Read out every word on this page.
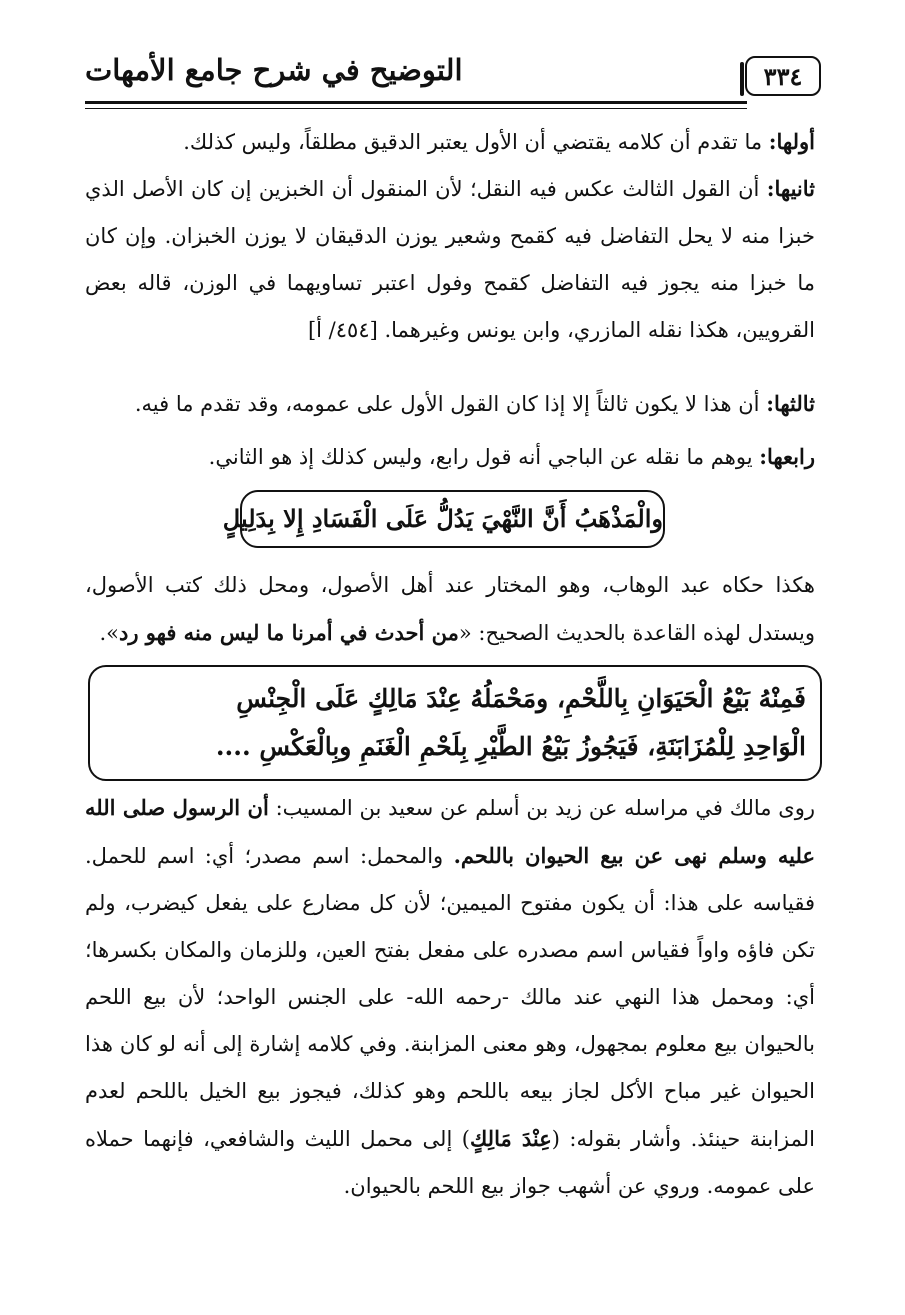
التوضيح في شرح جامع الأمهات	٣٣٤

أولها: ما تقدم أن كلامه يقتضي أن الأول يعتبر الدقيق مطلقاً، وليس كذلك.

ثانيها: أن القول الثالث عكس فيه النقل؛ لأن المنقول أن الخبزين إن كان الأصل الذي خبزا منه لا يحل التفاضل فيه كقمح وشعير يوزن الدقيقان لا يوزن الخبزان. وإن كان ما خبزا منه يجوز فيه التفاضل كقمح وفول اعتبر تساويهما في الوزن، قاله بعض القرويين، هكذا نقله المازري، وابن يونس وغيرهما. [٤٥٤/ أ]

ثالثها: أن هذا لا يكون ثالثاً إلا إذا كان القول الأول على عمومه، وقد تقدم ما فيه.

رابعها: يوهم ما نقله عن الباجي أنه قول رابع، وليس كذلك إذ هو الثاني.

والْمَذْهَبُ أَنَّ النَّهْيَ يَدُلُّ عَلَى الْفَسَادِ إِلا بِدَلِيلٍ

هكذا حكاه عبد الوهاب، وهو المختار عند أهل الأصول، ومحل ذلك كتب الأصول، ويستدل لهذه القاعدة بالحديث الصحيح: «من أحدث في أمرنا ما ليس منه فهو رد».

فَمِنْهُ بَيْعُ الْحَيَوَانِ بِاللَّحْمِ، ومَحْمَلُهُ عِنْدَ مَالِكٍ عَلَى الْجِنْسِ
الْوَاحِدِ لِلْمُزَابَنَةِ، فَيَجُوزُ بَيْعُ الطَّيْرِ بِلَحْمِ الْغَنَمِ وبِالْعَكْسِ ....

روى مالك في مراسله عن زيد بن أسلم عن سعيد بن المسيب: أن الرسول صلى الله عليه وسلم نهى عن بيع الحيوان باللحم. والمحمل: اسم مصدر؛ أي: اسم للحمل. فقياسه على هذا: أن يكون مفتوح الميمين؛ لأن كل مضارع على يفعل كيضرب، ولم تكن فاؤه واواً فقياس اسم مصدره على مفعل بفتح العين، وللزمان والمكان بكسرها؛ أي: ومحمل هذا النهي عند مالك -رحمه الله- على الجنس الواحد؛ لأن بيع اللحم بالحيوان بيع معلوم بمجهول، وهو معنى المزابنة. وفي كلامه إشارة إلى أنه لو كان هذا الحيوان غير مباح الأكل لجاز بيعه باللحم وهو كذلك، فيجوز بيع الخيل باللحم لعدم المزابنة حينئذ. وأشار بقوله: (عِنْدَ مَالِكٍ) إلى محمل الليث والشافعي، فإنهما حملاه على عمومه. وروي عن أشهب جواز بيع اللحم بالحيوان.
